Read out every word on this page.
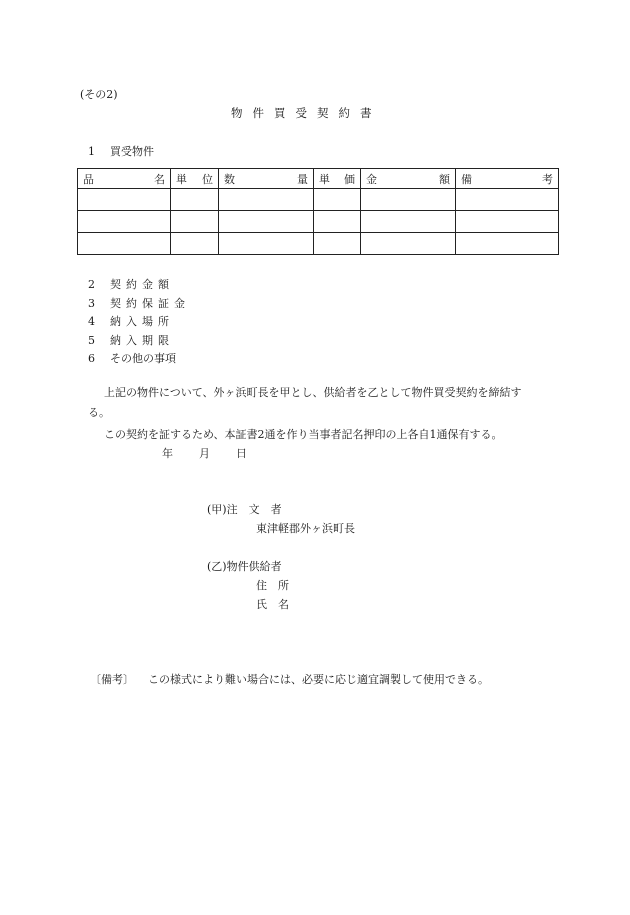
(その2)
物件買受契約書
1 買受物件
品 名	単 位	数 量	単 価	金 額	備 考

2 契約金額
3 契約保証金
4 納入場所
5 納入期限
6 その他の事項
上記の物件について、外ヶ浜町長を甲とし、供給者を乙として物件買受契約を締結す
る。
この契約を証するため、本証書2通を作り当事者記名押印の上各自1通保有する。
年 月 日
(甲)注　文　者
東津軽郡外ヶ浜町長
(乙)物件供給者
住　所
氏　名
〔備考〕 この様式により難い場合には、必要に応じ適宜調製して使用できる。
